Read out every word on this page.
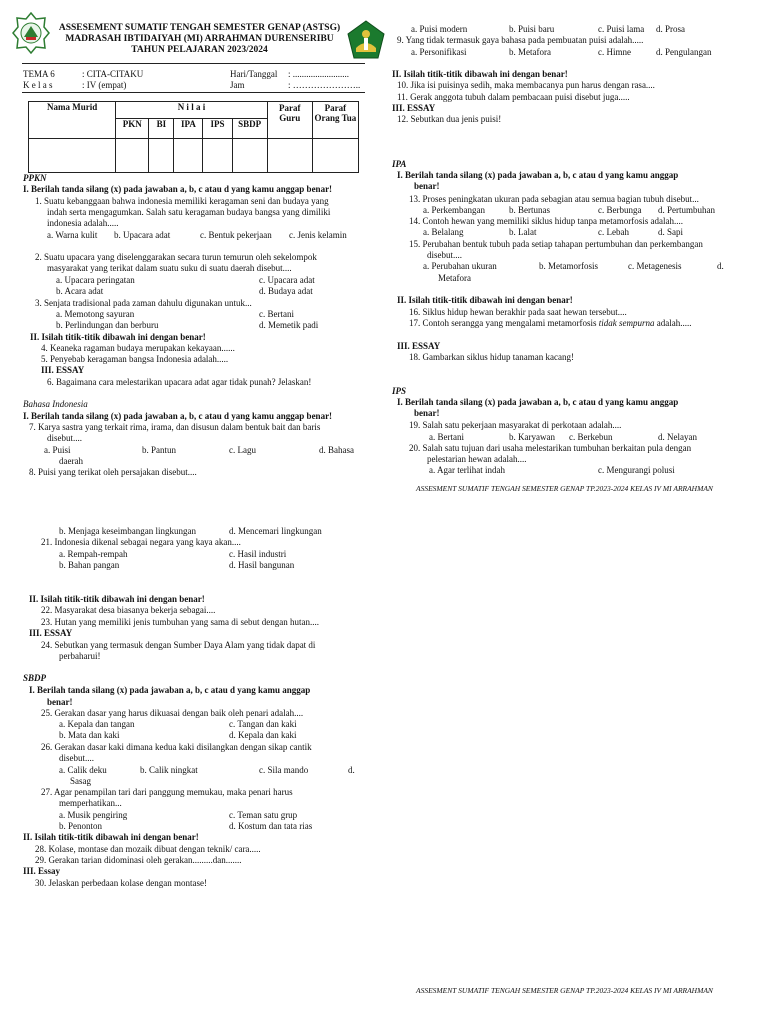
ASSESEMENT SUMATIF TENGAH SEMESTER GENAP (ASTSG)
MADRASAH IBTIDAIYAH (MI) ARRAHMAN DURENSERIBU
TAHUN PELAJARAN 2023/2024
TEMA 6	: CITA-CITAKU
K e l a s	: IV (empat)
Hari/Tanggal : .........................
Jam	: …………………..
Nama Murid	N i l a i					Paraf Guru	Paraf Orang Tua
	PKN	BI	IPA	IPS	SBDP		

PPKN
I. Berilah tanda silang (x) pada jawaban a, b, c atau d yang kamu anggap benar!
1. Suatu kebanggaan bahwa indonesia memiliki keragaman seni dan budaya yang
indah serta mengagumkan. Salah satu keragaman budaya bangsa yang dimiliki
indonesia adalah.....
a. Warna kulit b. Upacara adat	c. Bentuk pekerjaan c. Jenis kelamin
2. Suatu upacara yang diselenggarakan secara turun temurun oleh sekelompok
masyarakat yang terikat dalam suatu suku di suatu daerah disebut....
a. Upacara peringatan	c. Upacara adat
b. Acara adat	d. Budaya adat
3. Senjata tradisional pada zaman dahulu digunakan untuk...
a. Memotong sayuran	c. Bertani
b. Perlindungan dan berburu	d. Memetik padi
II. Isilah titik-titik dibawah ini dengan benar!
4. Keaneka ragaman budaya merupakan kekayaan......
5. Penyebab keragaman bangsa Indonesia adalah.....
III. ESSAY
6. Bagaimana cara melestarikan upacara adat agar tidak punah? Jelaskan!
Bahasa Indonesia
I. Berilah tanda silang (x) pada jawaban a, b, c atau d yang kamu anggap benar!
7. Karya sastra yang terkait rima, irama, dan disusun dalam bentuk bait dan baris
disebut....
a. Puisi	b. Pantun	c. Lagu	d. Bahasa
daerah
8. Puisi yang terikat oleh persajakan disebut....
b. Menjaga keseimbangan lingkungan	d. Mencemari lingkungan
21. Indonesia dikenal sebagai negara yang kaya akan....
a. Rempah-rempah	c. Hasil industri
b. Bahan pangan	d. Hasil bangunan
II. Isilah titik-titik dibawah ini dengan benar!
22. Masyarakat desa biasanya bekerja sebagai....
23. Hutan yang memiliki jenis tumbuhan yang sama di sebut dengan hutan....
III. ESSAY
24. Sebutkan yang termasuk dengan Sumber Daya Alam yang tidak dapat di
perbaharui!
SBDP
I. Berilah tanda silang (x) pada jawaban a, b, c atau d yang kamu anggap
benar!
25. Gerakan dasar yang harus dikuasai dengan baik oleh penari adalah....
a. Kepala dan tangan	c. Tangan dan kaki
b. Mata dan kaki	d. Kepala dan kaki
26. Gerakan dasar kaki dimana kedua kaki disilangkan dengan sikap cantik
disebut....
a. Calik deku	b. Calik ningkat	c. Sila mando	d.
Sasag
27. Agar penampilan tari dari panggung memukau, maka penari harus
memperhatikan...
a. Musik pengiring	c. Teman satu grup
b. Penonton	d. Kostum dan tata rias
II. Isilah titik-titik dibawah ini dengan benar!
28. Kolase, montase dan mozaik dibuat dengan teknik/ cara.....
29. Gerakan tarian didominasi oleh gerakan.........dan.......
III. Essay
30. Jelaskan perbedaan kolase dengan montase!
a. Puisi modern	b. Puisi baru	c. Puisi lama d. Prosa
9. Yang tidak termasuk gaya bahasa pada pembuatan puisi adalah.....
a. Personifikasi	b. Metafora	c. Himne	d. Pengulangan
II. Isilah titik-titik dibawah ini dengan benar!
10. Jika isi puisinya sedih, maka membacanya pun harus dengan rasa....
11. Gerak anggota tubuh dalam pembacaan puisi disebut juga.....
III. ESSAY
12. Sebutkan dua jenis puisi!
IPA
I. Berilah tanda silang (x) pada jawaban a, b, c atau d yang kamu anggap
benar!
13. Proses peningkatan ukuran pada sebagian atau semua bagian tubuh disebut...
a. Perkembangan	b. Bertunas	c. Berbunga d. Pertumbuhan
14. Contoh hewan yang memiliki siklus hidup tanpa metamorfosis adalah....
a. Belalang	b. Lalat	c. Lebah	d. Sapi
15. Perubahan bentuk tubuh pada setiap tahapan pertumbuhan dan perkembangan
disebut....
a. Perubahan ukuran	b. Metamorfosis	c. Metagenesis	d.
Metafora
II. Isilah titik-titik dibawah ini dengan benar!
16. Siklus hidup hewan berakhir pada saat hewan tersebut....
17. Contoh serangga yang mengalami metamorfosis tidak sempurna adalah.....
III. ESSAY
18. Gambarkan siklus hidup tanaman kacang!
IPS
I. Berilah tanda silang (x) pada jawaban a, b, c atau d yang kamu anggap
benar!
19. Salah satu pekerjaan masyarakat di perkotaan adalah....
a. Bertani	b. Karyawan c. Berkebun	d. Nelayan
20. Salah satu tujuan dari usaha melestarikan tumbuhan berkaitan pula dengan
pelestarian hewan adalah....
a. Agar terlihat indah	c. Mengurangi polusi
ASSESMENT SUMATIF TENGAH SEMESTER GENAP TP.2023-2024 KELAS IV MI ARRAHMAN
ASSESMENT SUMATIF TENGAH SEMESTER GENAP TP.2023-2024 KELAS IV MI ARRAHMAN
